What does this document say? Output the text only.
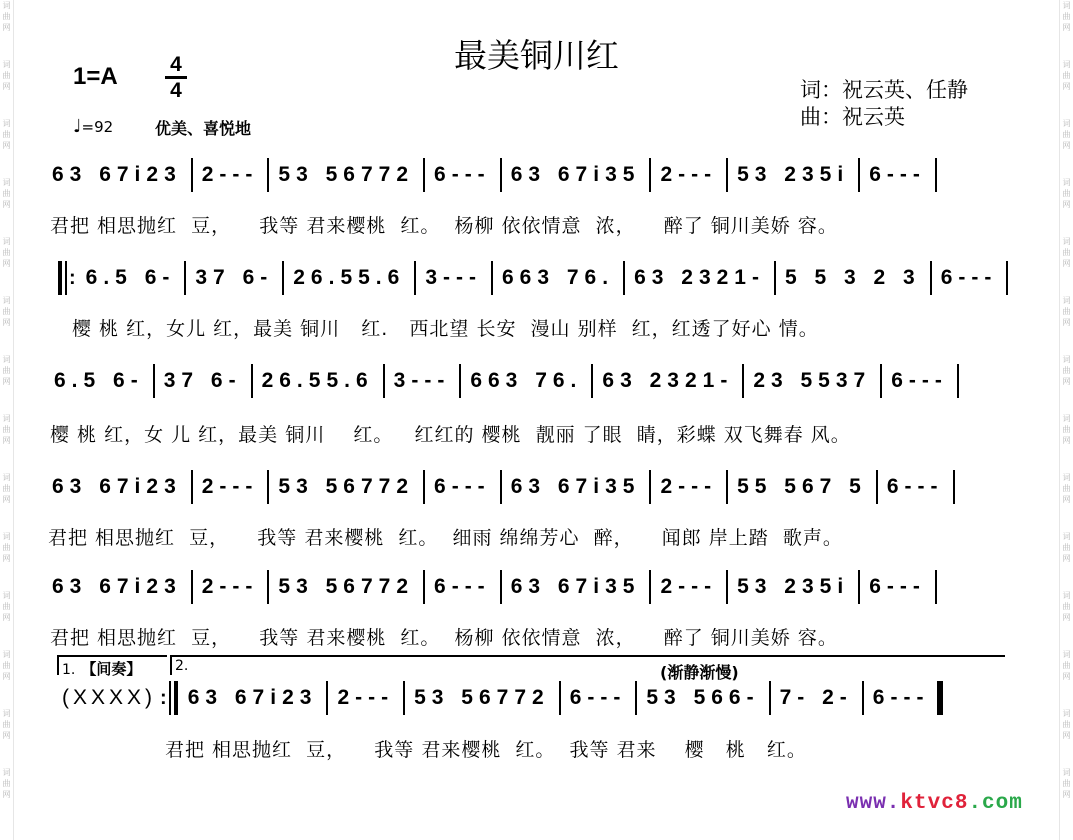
词
曲
网
词
曲
网
词
曲
网
词
曲
网
词
曲
网
词
曲
网
词
曲
网
词
曲
网
词
曲
网
词
曲
网
词
曲
网
词
曲
网
词
曲
网
词
曲
网
词
曲
网
词
曲
网
词
曲
网
词
曲
网
词
曲
网
词
曲
网
词
曲
网
词
曲
网
词
曲
网
词
曲
网
词
曲
网
词
曲
网
词
曲
网
词
曲
网
最美铜川红
1=A 4
4
♩=92	优美、喜悦地
词：祝云英、任静
曲：祝云英
63 67i23 2--- 53 56772 6--- 63 67i35 2--- 53 235i 6---
君把 相思抛红  豆，    我等 君来樱桃  红。  杨柳 依依情意  浓，    醉了 铜川美娇 容。
: 6.5 6- 37 6- 26.55.6 3--- 663 76. 63 2321- 5 5 3 2 3 6---
樱 桃 红，女儿 红，最美 铜川   红.   西北望 长安  漫山 别样  红，红透了好心 情。
6.5 6- 37 6- 26.55.6 3--- 663 76. 63 2321- 23 5537 6---
樱 桃 红，女 儿 红，最美 铜川    红。   红红的 樱桃  靓丽 了眼  睛，彩蝶 双飞舞春 风。
63 67i23 2--- 53 56772 6--- 63 67i35 2--- 55 567 5 6---
君把 相思抛红  豆，    我等 君来樱桃  红。  细雨 绵绵芳心  醉，    闻郎 岸上踏  歌声。
63 67i23 2--- 53 56772 6--- 63 67i35 2--- 53 235i 6---
君把 相思抛红  豆，    我等 君来樱桃  红。  杨柳 依依情意  浓，    醉了 铜川美娇 容。
1. 【间奏】	2.	(渐静渐慢)
(XXXX) : 63 67i23 2--- 53 56772 6--- 53 566- 7- 2- 6---
君把 相思抛红  豆，    我等 君来樱桃  红。  我等 君来    樱   桃   红。
www.ktvc8.com
